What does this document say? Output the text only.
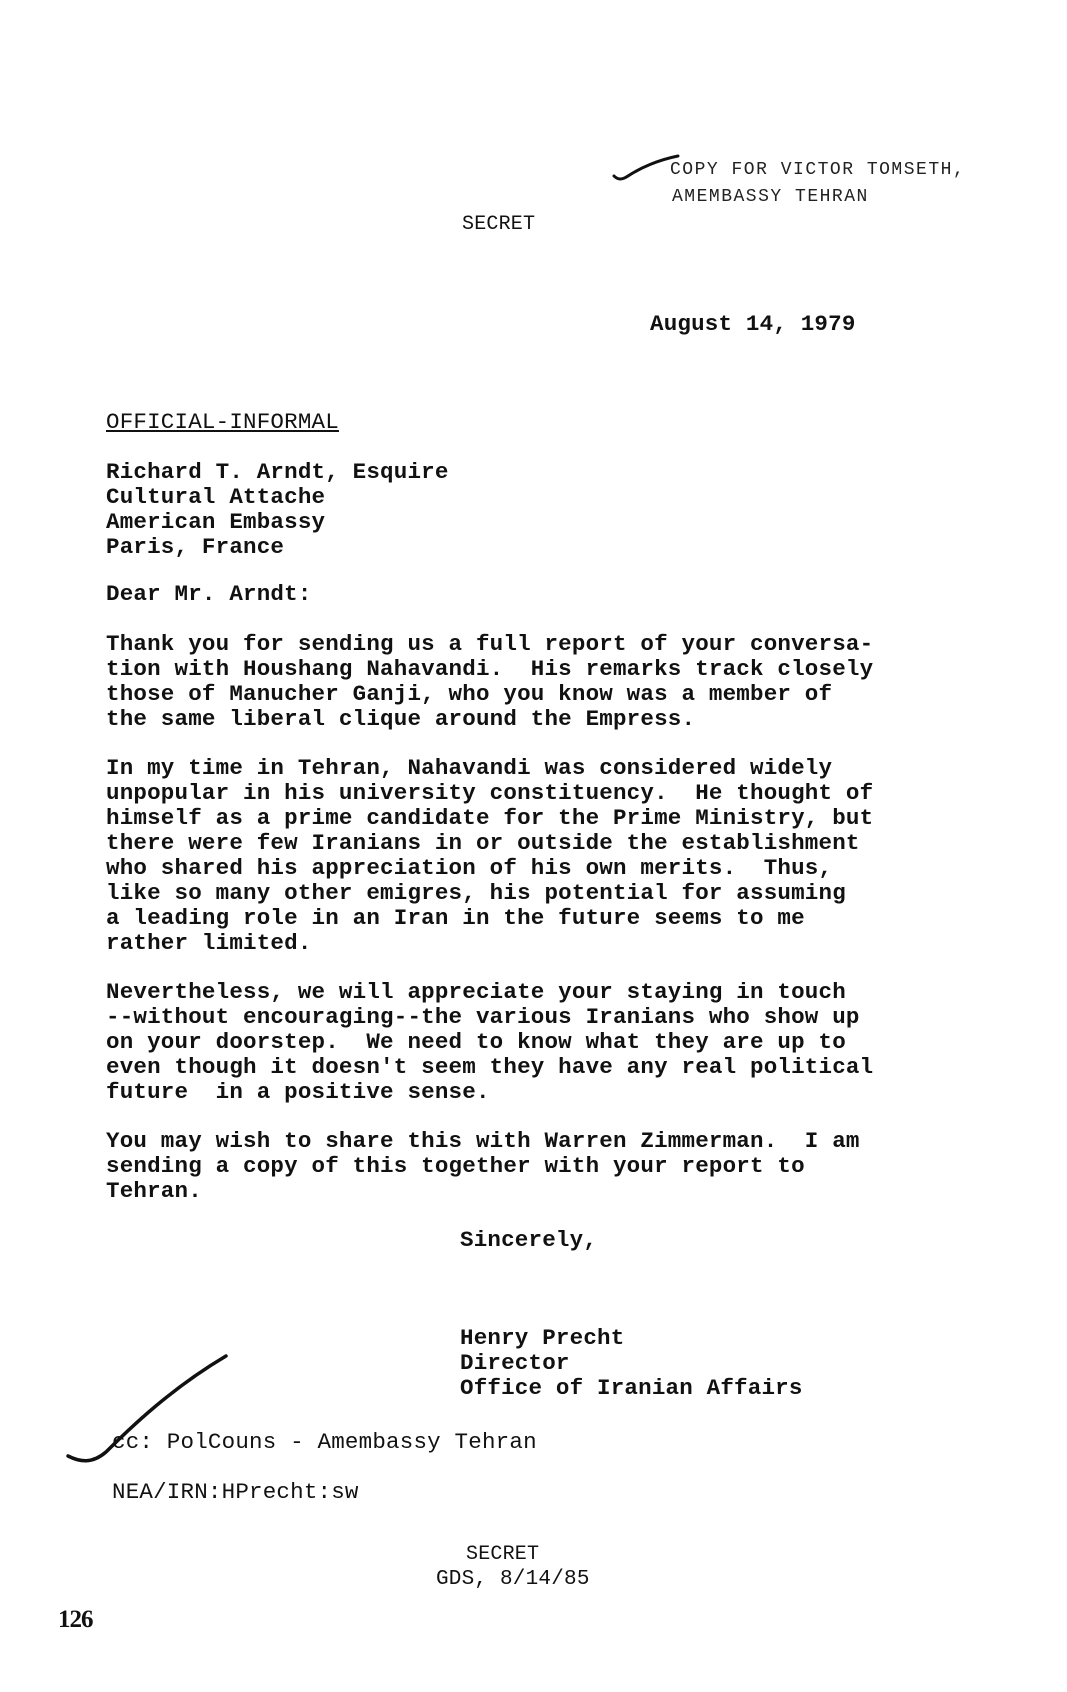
COPY FOR VICTOR TOMSETH,
AMEMBASSY TEHRAN
SECRET
August 14, 1979
OFFICIAL-INFORMAL
Richard T. Arndt, Esquire
Cultural Attache
American Embassy
Paris, France
Dear Mr. Arndt:
Thank you for sending us a full report of your conversa-
tion with Houshang Nahavandi.  His remarks track closely
those of Manucher Ganji, who you know was a member of
the same liberal clique around the Empress.
In my time in Tehran, Nahavandi was considered widely
unpopular in his university constituency.  He thought of
himself as a prime candidate for the Prime Ministry, but
there were few Iranians in or outside the establishment
who shared his appreciation of his own merits.  Thus,
like so many other emigres, his potential for assuming
a leading role in an Iran in the future seems to me
rather limited.
Nevertheless, we will appreciate your staying in touch
--without encouraging--the various Iranians who show up
on your doorstep.  We need to know what they are up to
even though it doesn't seem they have any real political
future  in a positive sense.
You may wish to share this with Warren Zimmerman.  I am
sending a copy of this together with your report to
Tehran.
Sincerely,
Henry Precht
Director
Office of Iranian Affairs
cc: PolCouns - Amembassy Tehran
NEA/IRN:HPrecht:sw
SECRET
GDS, 8/14/85
126
